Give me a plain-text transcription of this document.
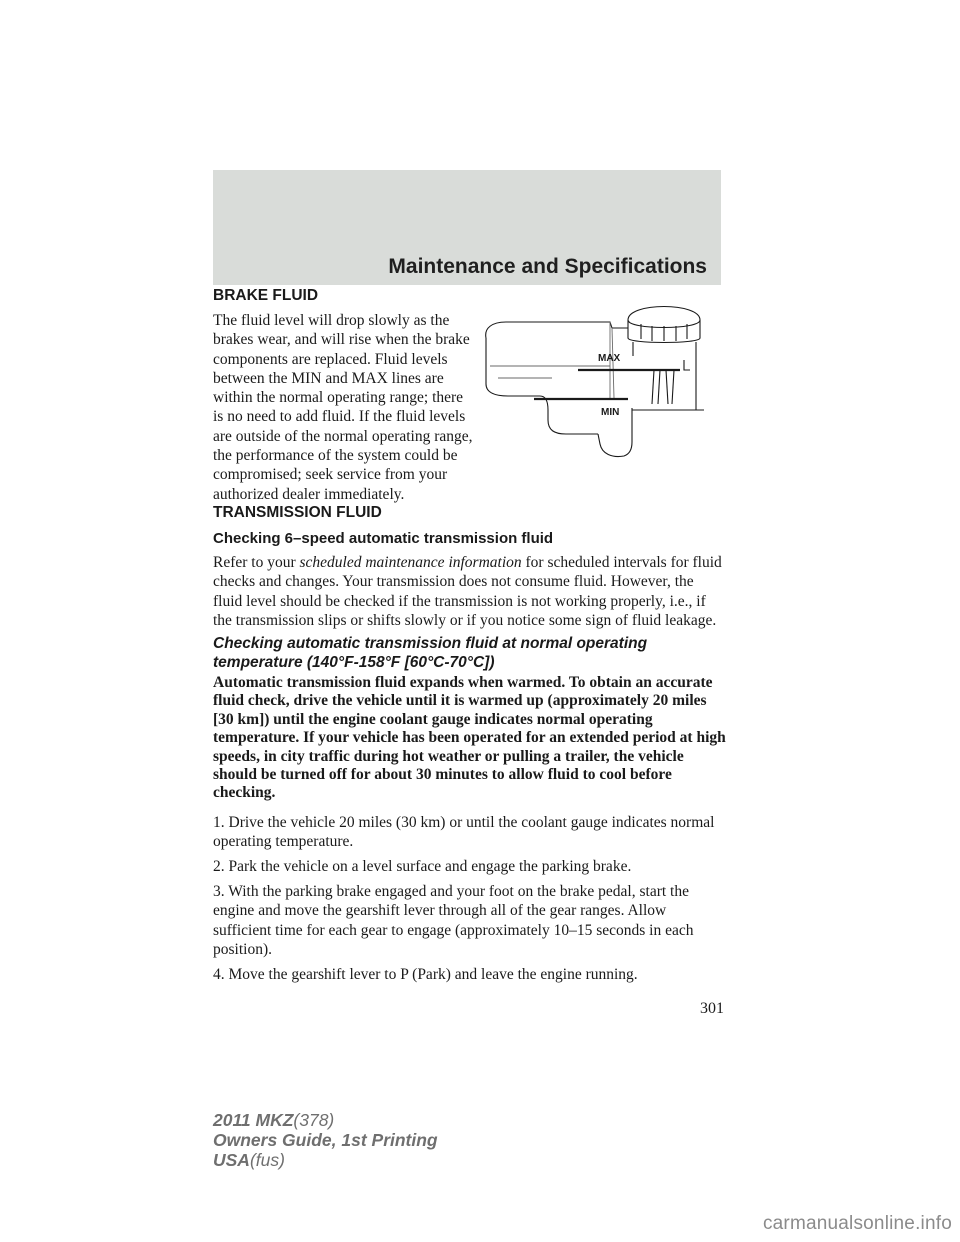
Maintenance and Specifications
BRAKE FLUID

The fluid level will drop slowly as the brakes wear, and will rise when the brake components are replaced. Fluid levels between the MIN and MAX lines are within the normal operating range; there is no need to add fluid. If the fluid levels are outside of the normal operating range, the performance of the system could be compromised; seek service from your authorized dealer immediately.

MAX
MIN
TRANSMISSION FLUID
Checking 6–speed automatic transmission fluid

Refer to your scheduled maintenance information for scheduled intervals for fluid checks and changes. Your transmission does not consume fluid. However, the fluid level should be checked if the transmission is not working properly, i.e., if the transmission slips or shifts slowly or if you notice some sign of fluid leakage.

Checking automatic transmission fluid at normal operating temperature (140°F-158°F [60°C-70°C])

Automatic transmission fluid expands when warmed. To obtain an accurate fluid check, drive the vehicle until it is warmed up (approximately 20 miles [30 km]) until the engine coolant gauge indicates normal operating temperature. If your vehicle has been operated for an extended period at high speeds, in city traffic during hot weather or pulling a trailer, the vehicle should be turned off for about 30 minutes to allow fluid to cool before checking.

1. Drive the vehicle 20 miles (30 km) or until the coolant gauge indicates normal operating temperature.

2. Park the vehicle on a level surface and engage the parking brake.

3. With the parking brake engaged and your foot on the brake pedal, start the engine and move the gearshift lever through all of the gear ranges. Allow sufficient time for each gear to engage (approximately 10–15 seconds in each position).

4. Move the gearshift lever to P (Park) and leave the engine running.

301
2011 MKZ(378)
Owners Guide, 1st Printing
USA(fus)
carmanualsonline.info
